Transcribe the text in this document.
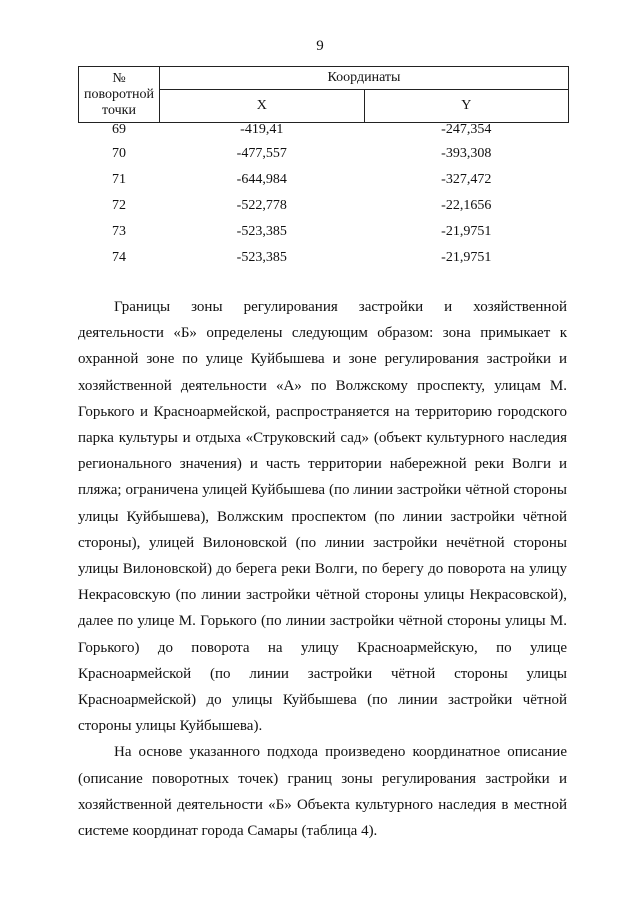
9
№ поворотной точки	Координаты	
	X	Y
69	-419,41	-247,354
70	-477,557	-393,308
71	-644,984	-327,472
72	-522,778	-22,1656
73	-523,385	-21,9751
74	-523,385	-21,9751

Границы зоны регулирования застройки и хозяйственной деятельности «Б» определены следующим образом: зона примыкает к охранной зоне по улице Куйбышева и зоне регулирования застройки и хозяйственной деятельности «А» по Волжскому проспекту, улицам М. Горького и Красноармейской, распространяется на территорию городского парка культуры и отдыха «Струковский сад» (объект культурного наследия регионального значения) и часть территории набережной реки Волги и пляжа; ограничена улицей Куйбышева (по линии застройки чётной стороны улицы Куйбышева), Волжским проспектом (по линии застройки чётной стороны), улицей Вилоновской (по линии застройки нечётной стороны улицы Вилоновской) до берега реки Волги, по берегу до поворота на улицу Некрасовскую (по линии застройки чётной стороны улицы Некрасовской), далее по улице М. Горького (по линии застройки чётной стороны улицы М. Горького) до поворота на улицу Красноармейскую, по улице Красноармейской (по линии застройки чётной стороны улицы Красноармейской) до улицы Куйбышева (по линии застройки чётной стороны улицы Куйбышева).

На основе указанного подхода произведено координатное описание (описание поворотных точек) границ зоны регулирования застройки и хозяйственной деятельности «Б» Объекта культурного наследия в местной системе координат города Самары (таблица 4).
